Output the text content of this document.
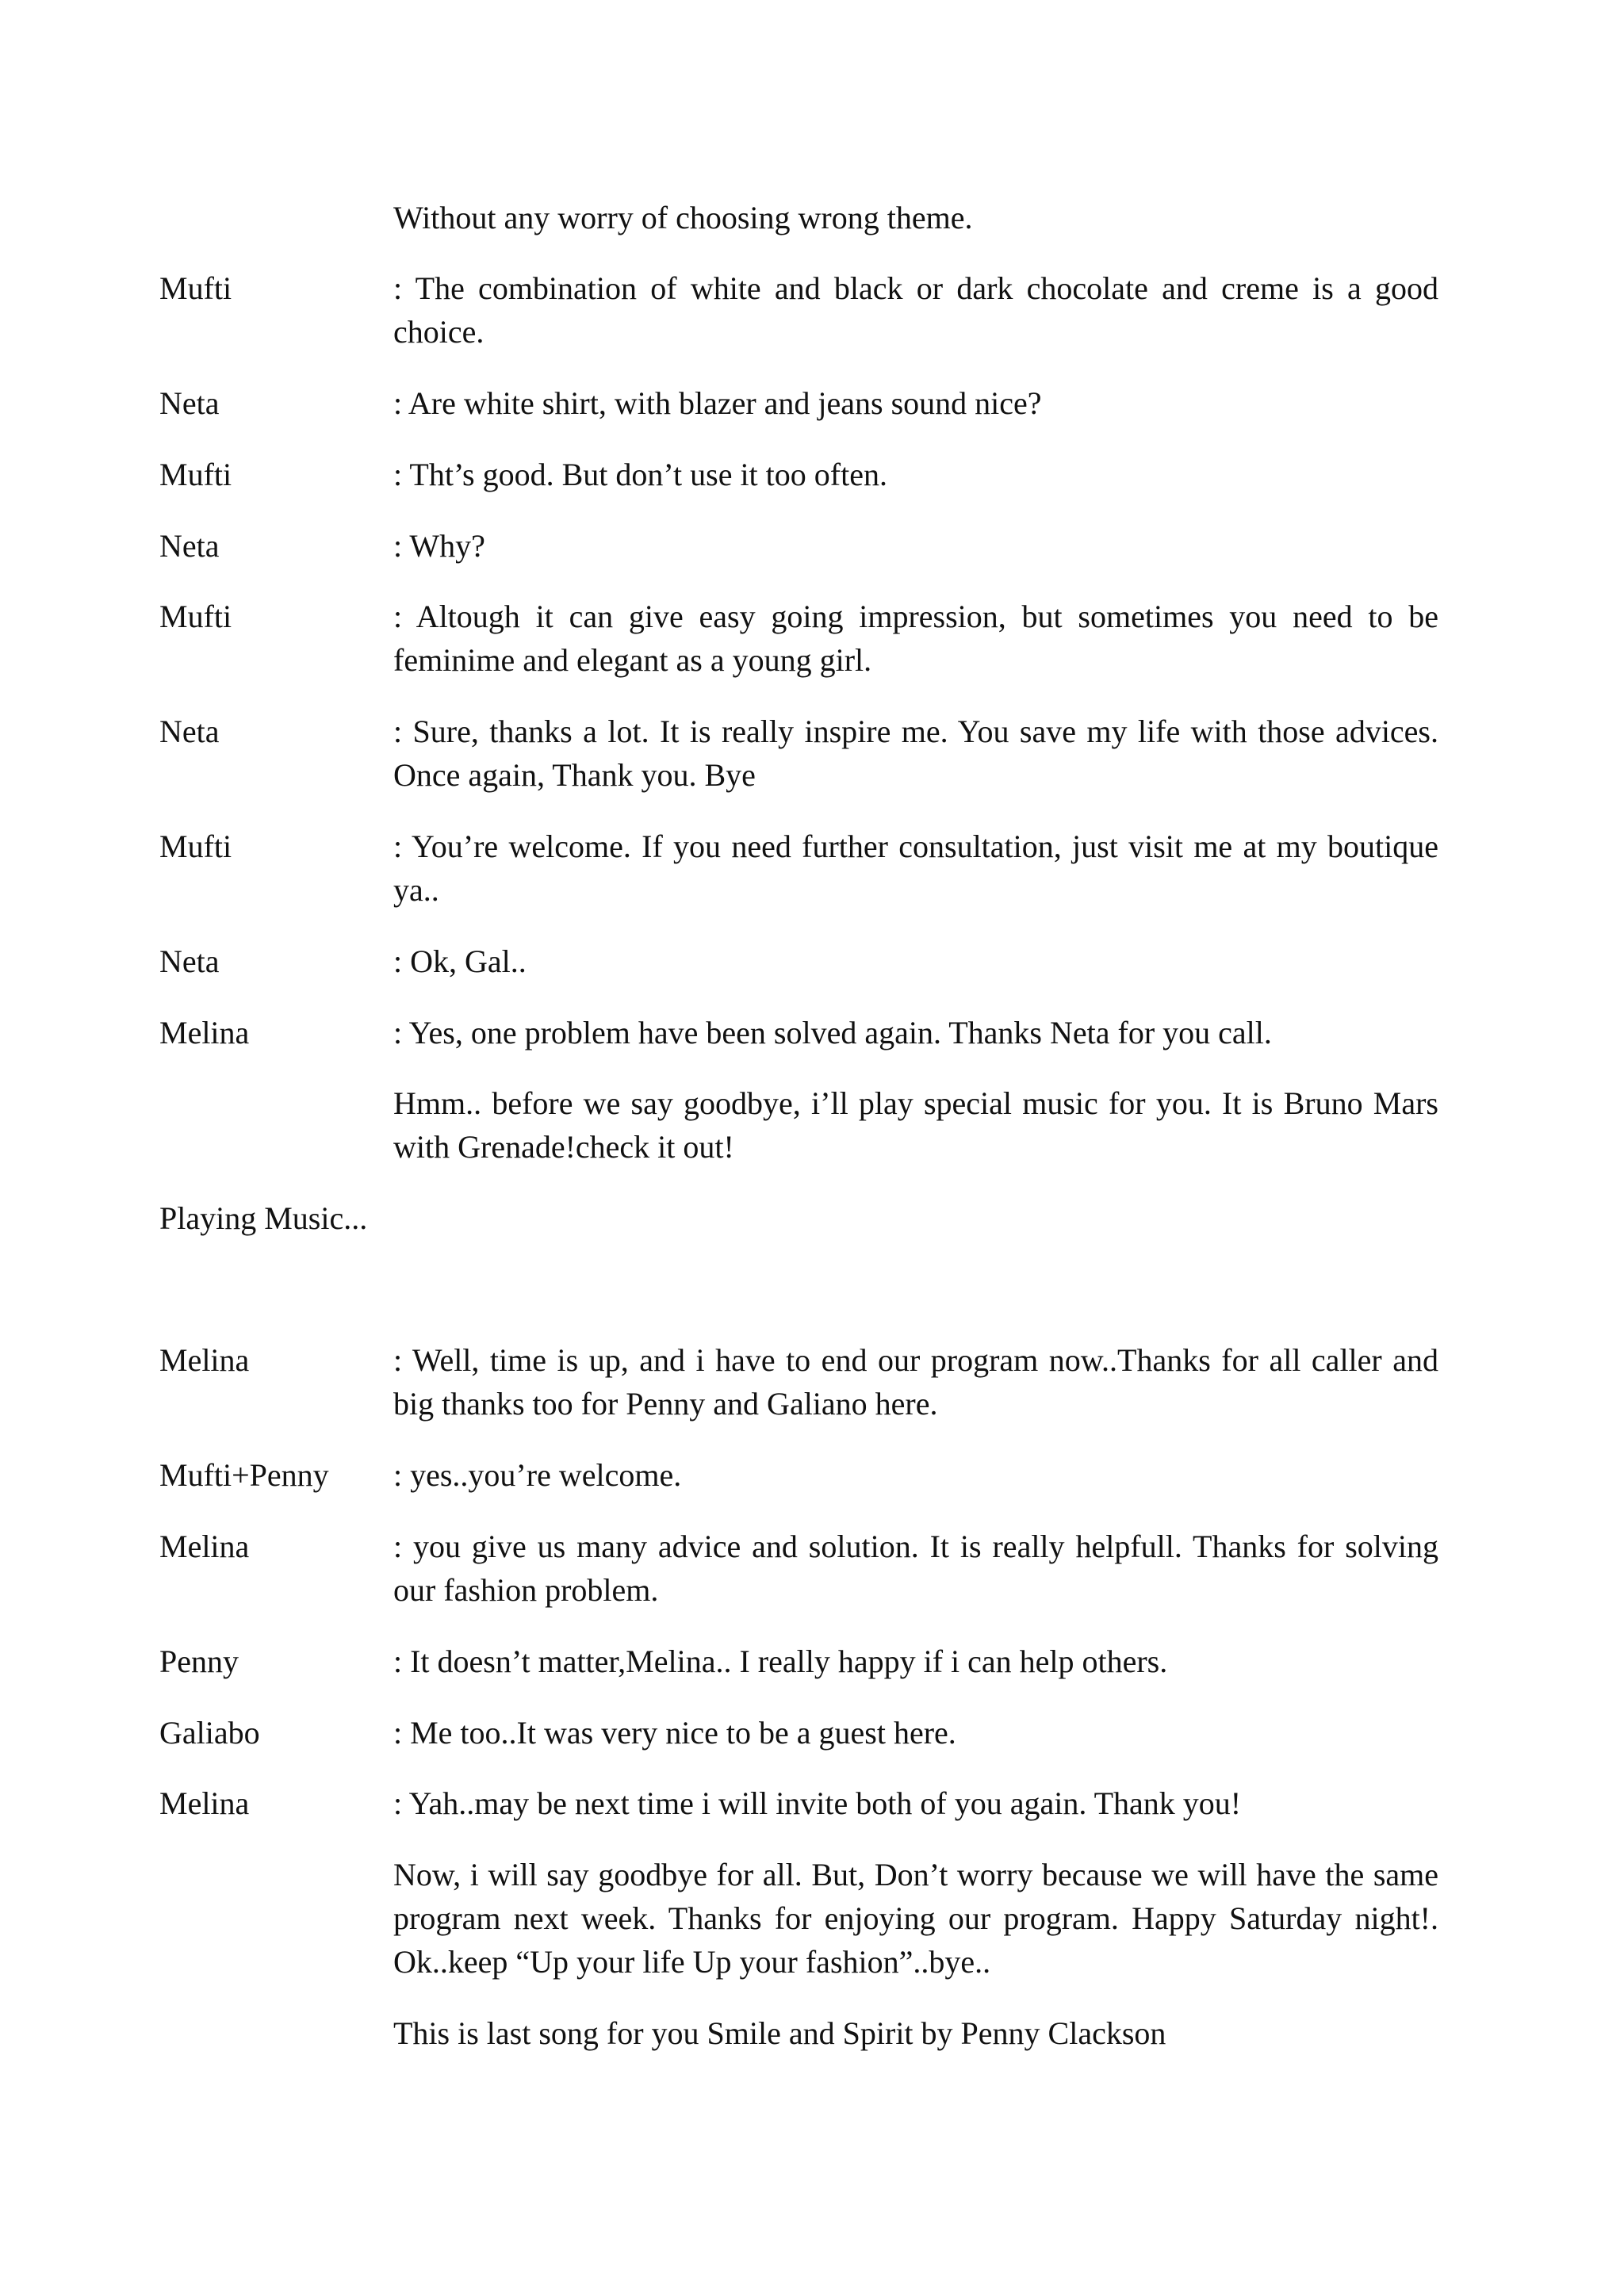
Without any worry of choosing wrong theme.
Mufti	: The combination of white and black or dark chocolate and creme is a good choice.
Neta	: Are white shirt, with blazer and jeans sound nice?
Mufti	: Tht’s good. But don’t use it too often.
Neta	: Why?
Mufti	: Altough it can give easy going impression, but sometimes you need to be feminime and elegant as a young girl.
Neta	: Sure, thanks a lot. It is really inspire me. You save my life with those advices. Once again, Thank you. Bye
Mufti	: You’re welcome. If you need further consultation, just visit me at my boutique ya..
Neta	: Ok, Gal..
Melina	: Yes, one problem have been solved again. Thanks Neta for you call.
Hmm.. before we say goodbye, i’ll play special music for you. It is Bruno Mars with Grenade!check it out!
Playing Music...
Melina	: Well, time is up, and i have to end our program now..Thanks for all caller and big thanks too for Penny and Galiano here.
Mufti+Penny : yes..you’re welcome.
Melina	: you give us many advice and solution. It is really helpfull. Thanks for solving our fashion problem.
Penny	: It doesn’t matter,Melina.. I really happy if i can help others.
Galiabo	: Me too..It was very nice to be a guest here.
Melina	: Yah..may be next time i will invite both of you again. Thank you!
Now, i will say goodbye for all. But, Don’t worry because we will have the same program next week. Thanks for enjoying our program. Happy Saturday night!. Ok..keep “Up your life Up your fashion”..bye..
This is last song for you Smile and Spirit by Penny Clackson
